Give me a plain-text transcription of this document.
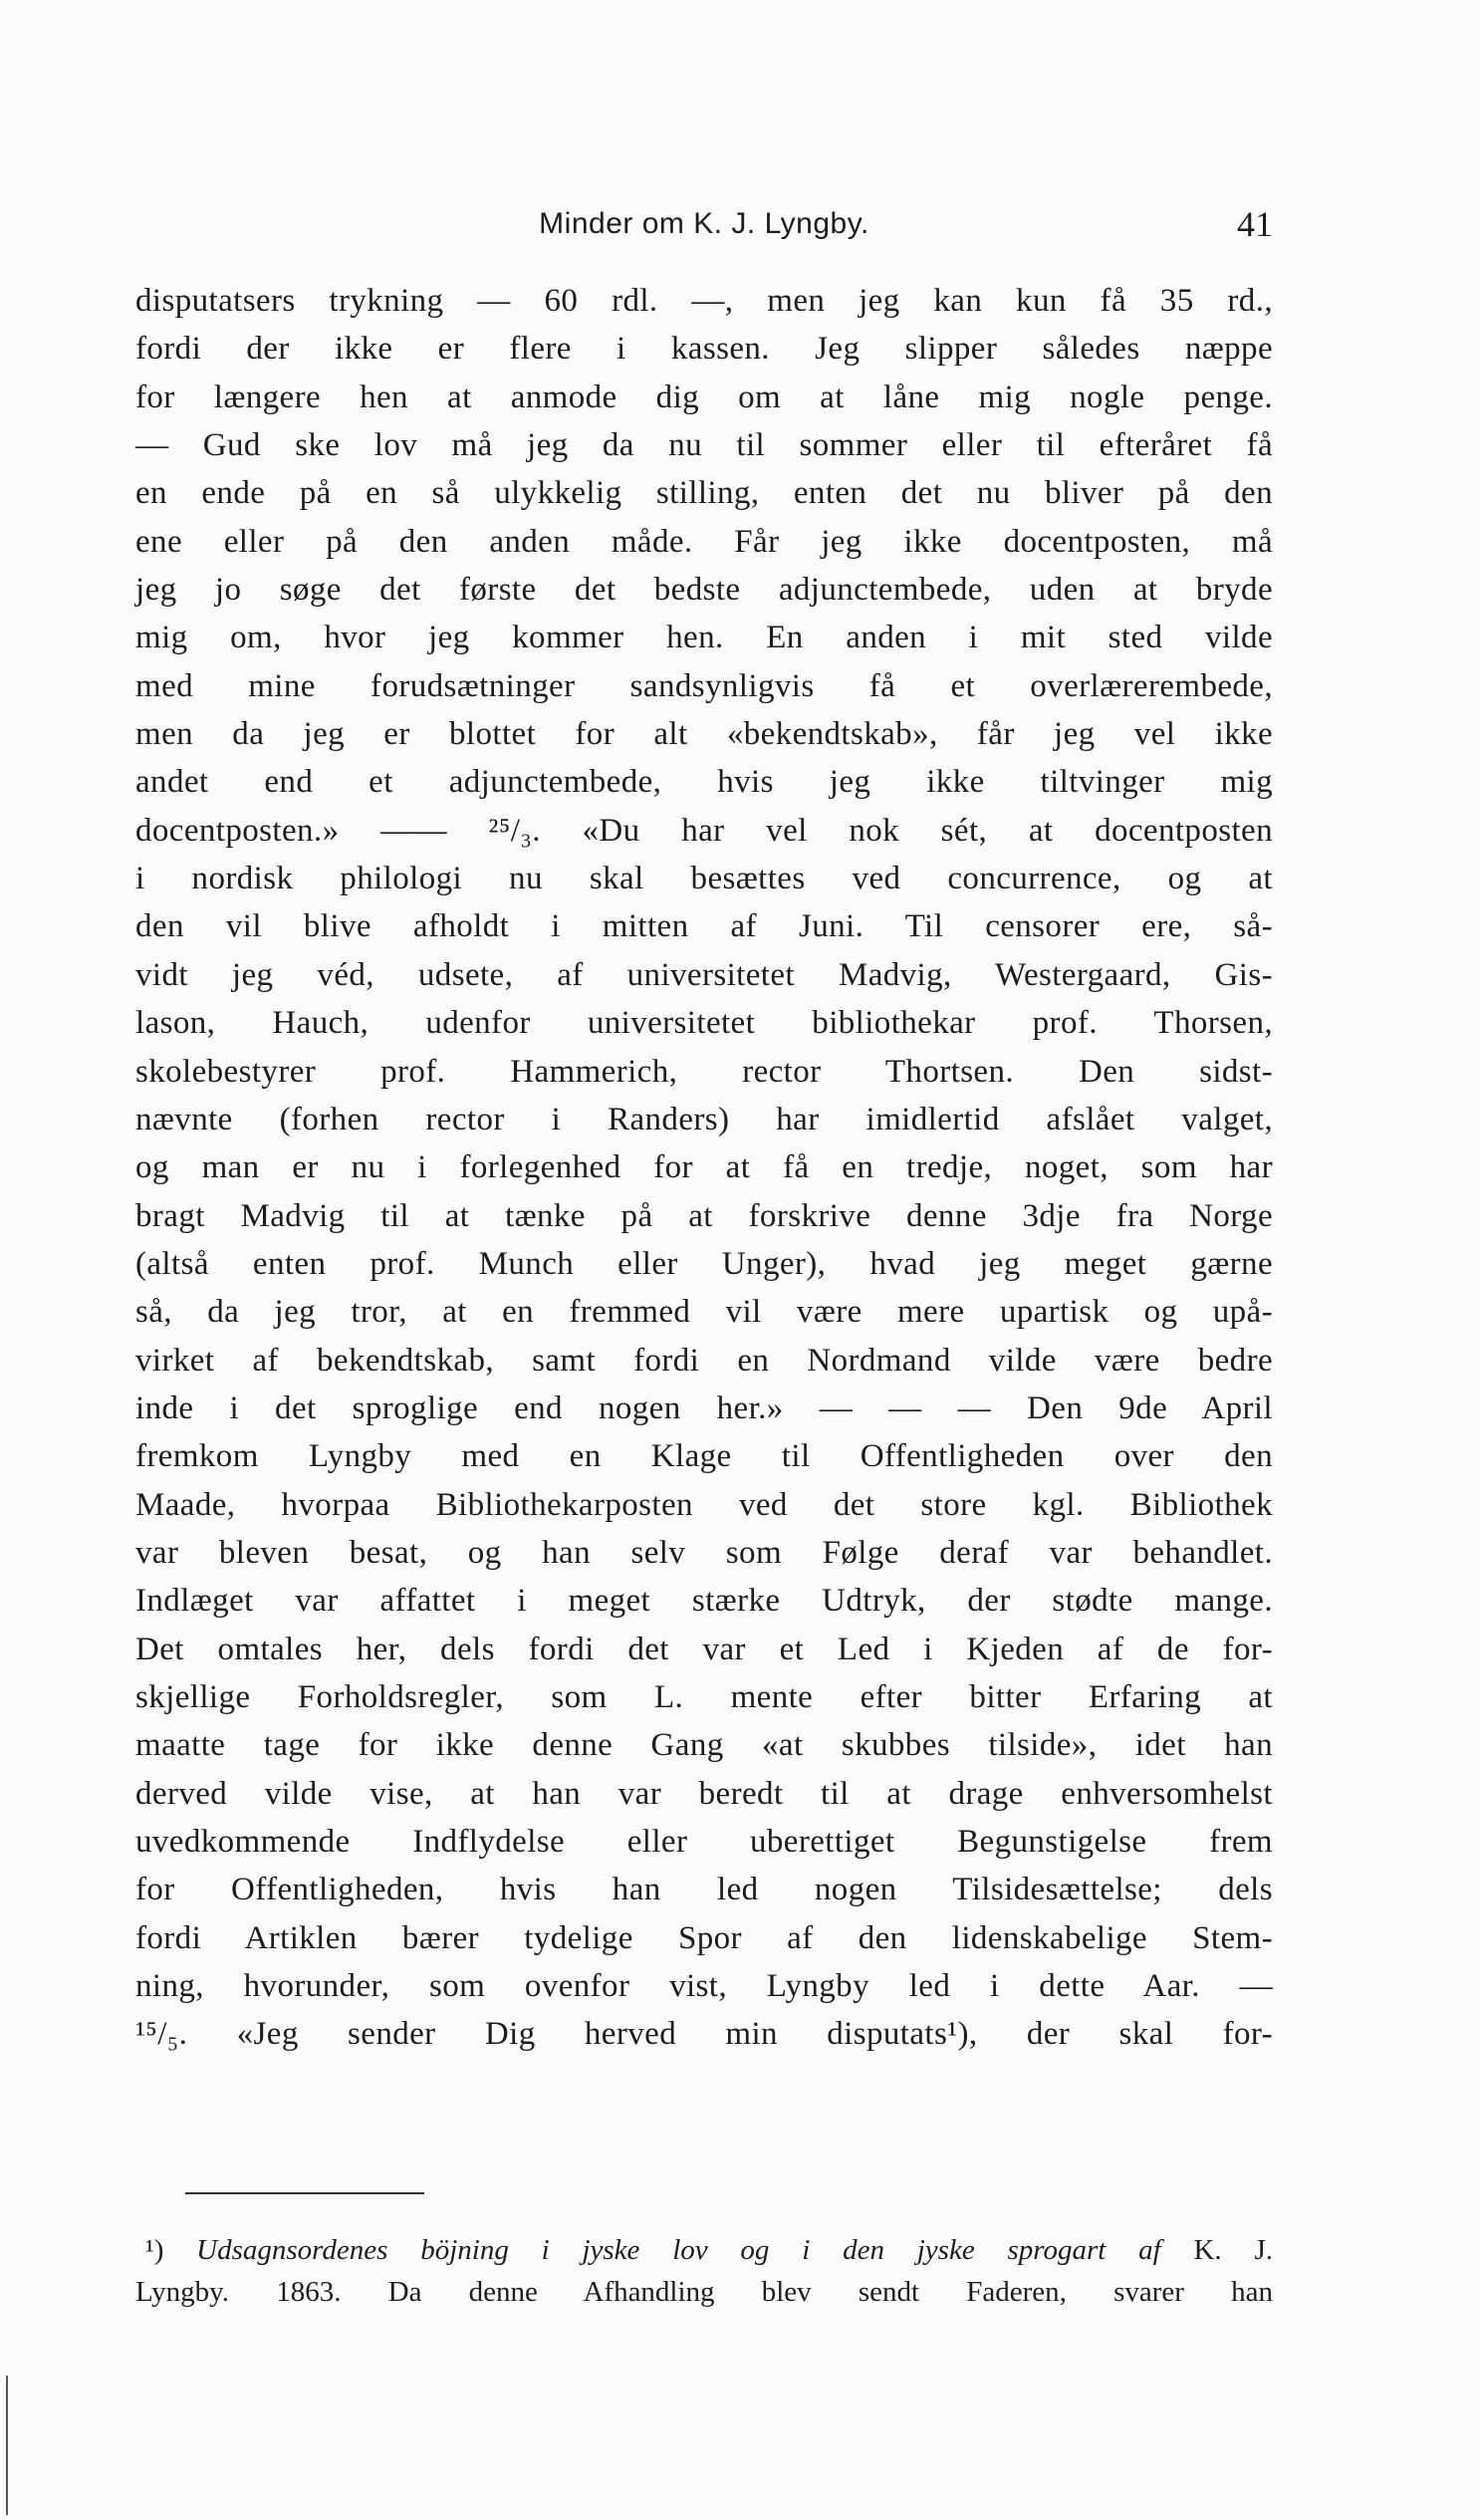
Minder om K. J. Lyngby.	41
disputatsers trykning — 60 rdl. —, men jeg kan kun få 35 rd.,
fordi der ikke er flere i kassen. Jeg slipper således næppe
for længere hen at anmode dig om at låne mig nogle penge.
— Gud ske lov må jeg da nu til sommer eller til efteråret få
en ende på en så ulykkelig stilling, enten det nu bliver på den
ene eller på den anden måde. Får jeg ikke docentposten, må
jeg jo søge det første det bedste adjunctembede, uden at bryde
mig om, hvor jeg kommer hen. En anden i mit sted vilde
med mine forudsætninger sandsynligvis få et overlærerembede,
men da jeg er blottet for alt «bekendtskab», får jeg vel ikke
andet end et adjunctembede, hvis jeg ikke tiltvinger mig
docentposten.» —— ²⁵/₃. «Du har vel nok sét, at docentposten
i nordisk philologi nu skal besættes ved concurrence, og at
den vil blive afholdt i mitten af Juni. Til censorer ere, så-
vidt jeg véd, udsete, af universitetet Madvig, Westergaard, Gis-
lason, Hauch, udenfor universitetet bibliothekar prof. Thorsen,
skolebestyrer prof. Hammerich, rector Thortsen. Den sidst-
nævnte (forhen rector i Randers) har imidlertid afslået valget,
og man er nu i forlegenhed for at få en tredje, noget, som har
bragt Madvig til at tænke på at forskrive denne 3dje fra Norge
(altså enten prof. Munch eller Unger), hvad jeg meget gærne
så, da jeg tror, at en fremmed vil være mere upartisk og upå-
virket af bekendtskab, samt fordi en Nordmand vilde være bedre
inde i det sproglige end nogen her.» — — — Den 9de April
fremkom Lyngby med en Klage til Offentligheden over den
Maade, hvorpaa Bibliothekarposten ved det store kgl. Bibliothek
var bleven besat, og han selv som Følge deraf var behandlet.
Indlæget var affattet i meget stærke Udtryk, der stødte mange.
Det omtales her, dels fordi det var et Led i Kjeden af de for-
skjellige Forholdsregler, som L. mente efter bitter Erfaring at
maatte tage for ikke denne Gang «at skubbes tilside», idet han
derved vilde vise, at han var beredt til at drage enhversomhelst
uvedkommende Indflydelse eller uberettiget Begunstigelse frem
for Offentligheden, hvis han led nogen Tilsidesættelse; dels
fordi Artiklen bærer tydelige Spor af den lidenskabelige Stem-
ning, hvorunder, som ovenfor vist, Lyngby led i dette Aar. —
¹⁵/₅. «Jeg sender Dig herved min disputats¹), der skal for-
¹) Udsagnsordenes böjning i jyske lov og i den jyske sprogart af K. J.
Lyngby. 1863. Da denne Afhandling blev sendt Faderen, svarer han
